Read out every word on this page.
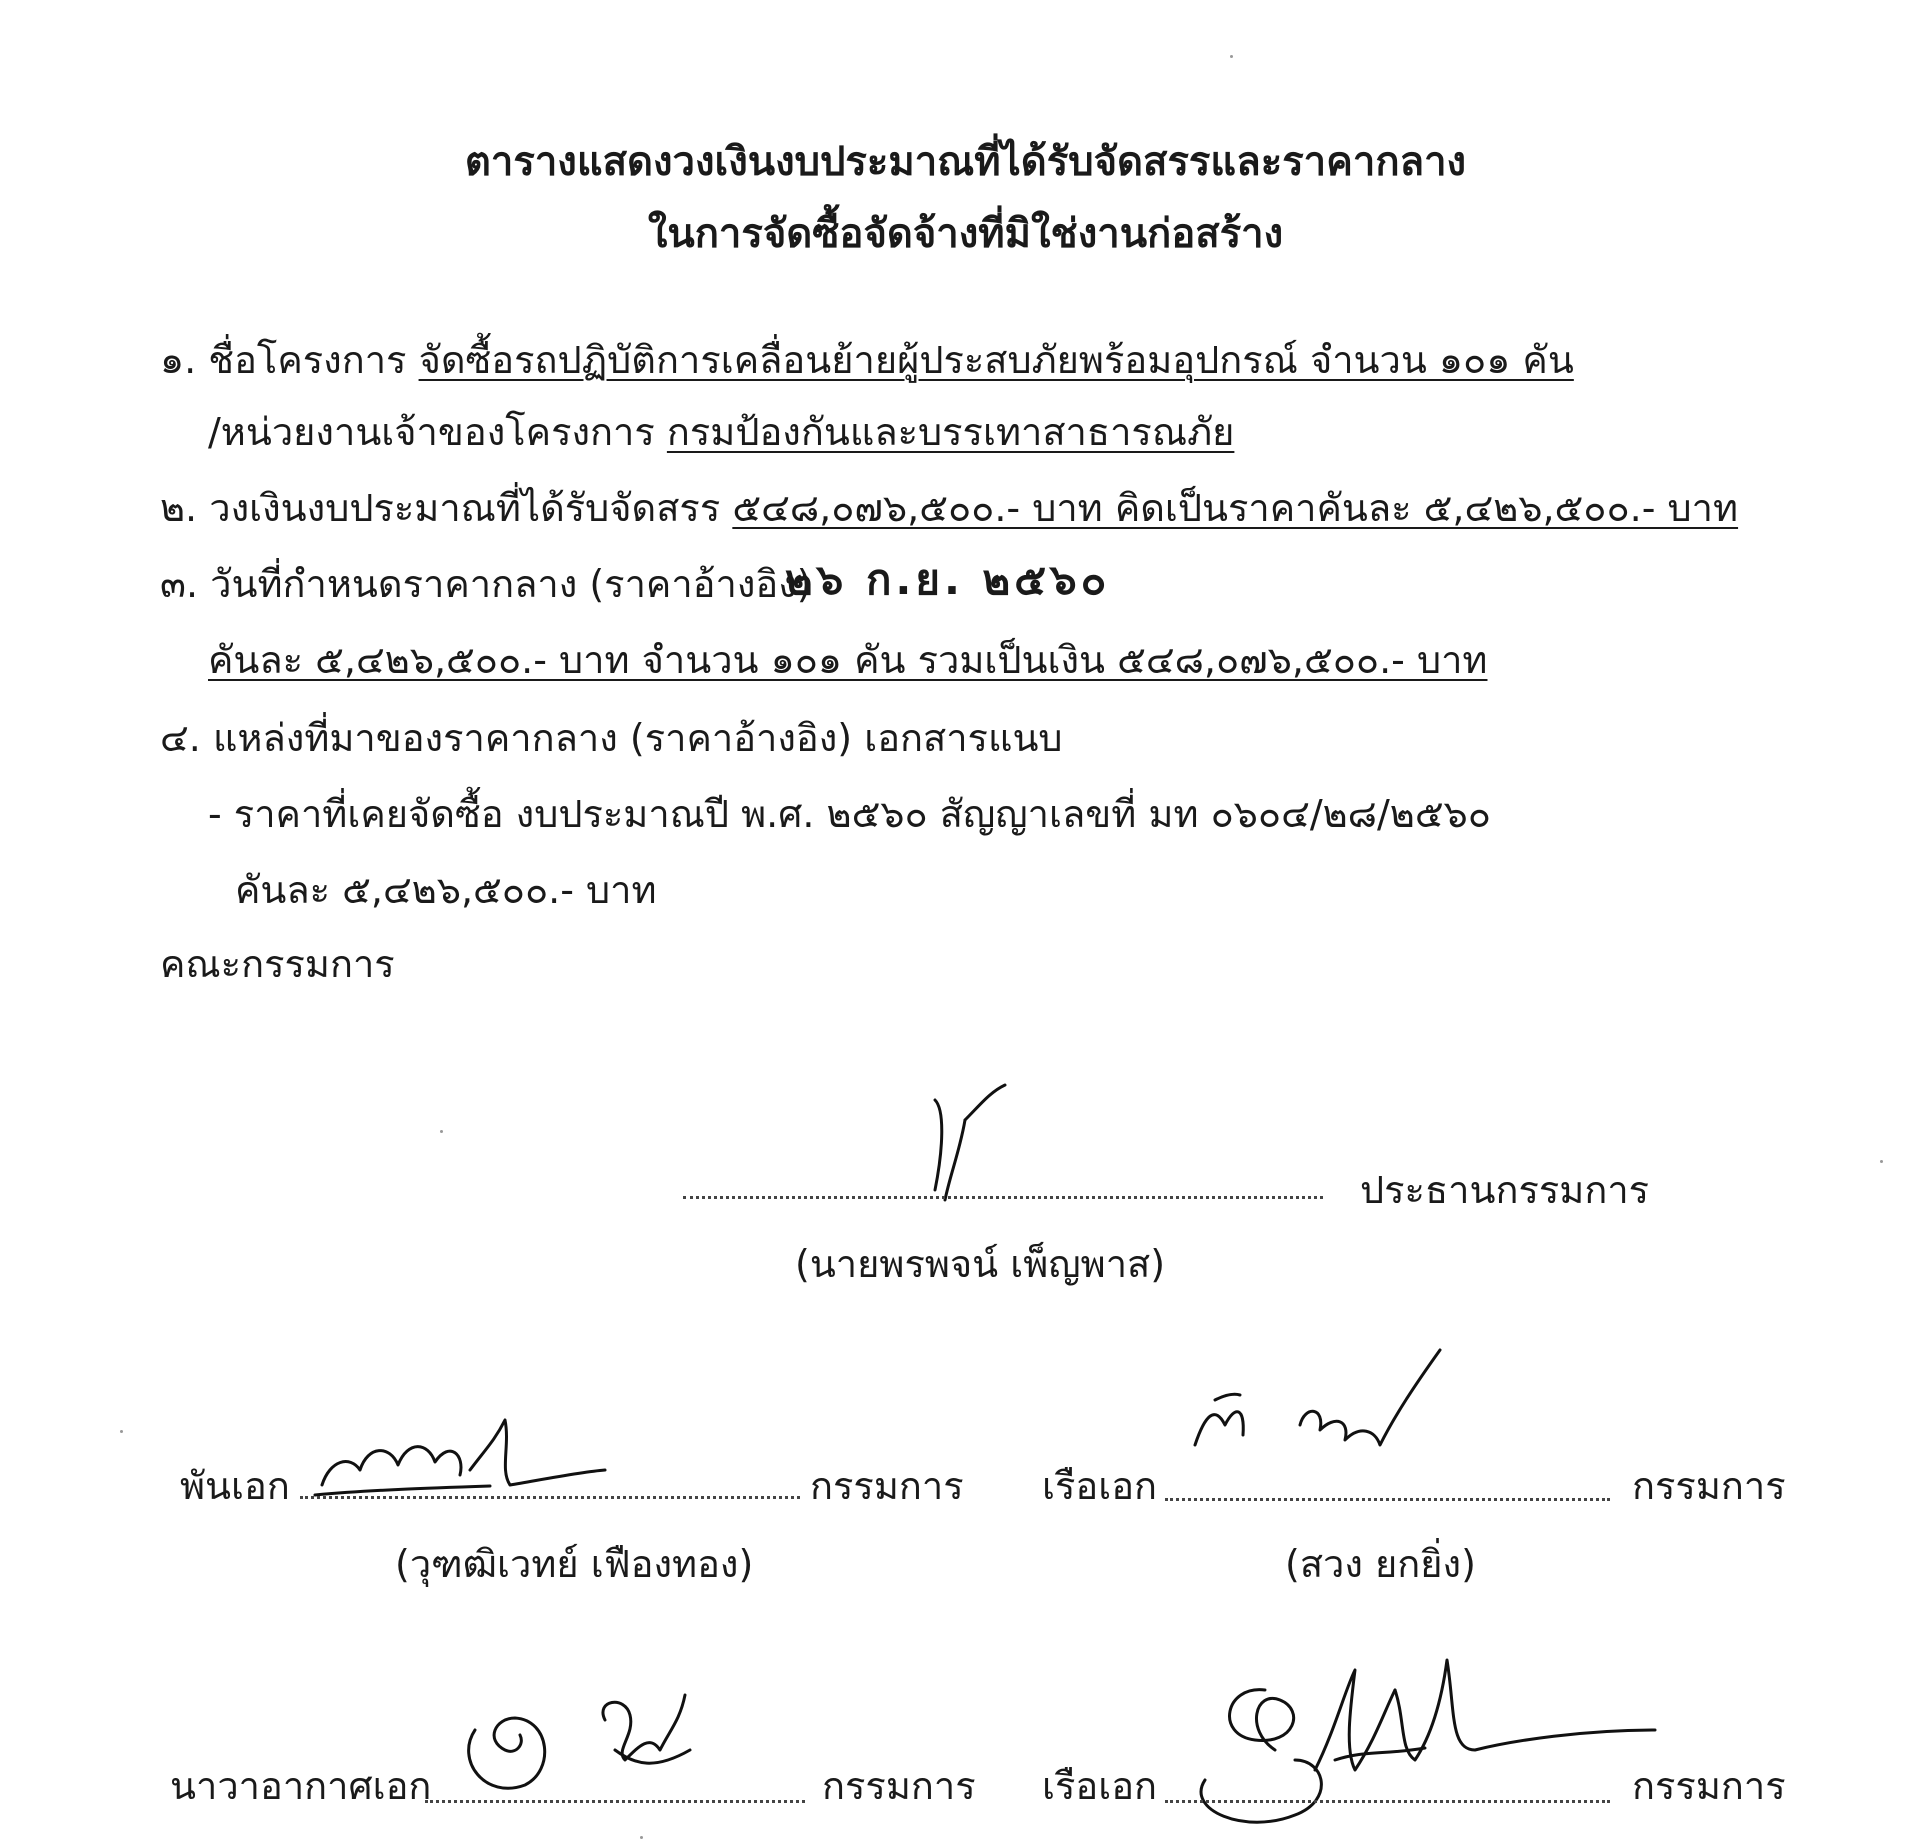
ตารางแสดงวงเงินงบประมาณที่ได้รับจัดสรรและราคากลาง
ในการจัดซื้อจัดจ้างที่มิใช่งานก่อสร้าง
๑. ชื่อโครงการ จัดซื้อรถปฏิบัติการเคลื่อนย้ายผู้ประสบภัยพร้อมอุปกรณ์ จำนวน ๑๐๑ คัน
/หน่วยงานเจ้าของโครงการ กรมป้องกันและบรรเทาสาธารณภัย
๒. วงเงินงบประมาณที่ได้รับจัดสรร ๕๔๘,๐๗๖,๕๐๐.- บาท คิดเป็นราคาคันละ ๕,๔๒๖,๕๐๐.- บาท
๓. วันที่กำหนดราคากลาง (ราคาอ้างอิง)
๒๖ ก.ย. ๒๕๖๐
คันละ ๕,๔๒๖,๕๐๐.- บาท จำนวน ๑๐๑ คัน รวมเป็นเงิน ๕๔๘,๐๗๖,๕๐๐.- บาท
๔. แหล่งที่มาของราคากลาง (ราคาอ้างอิง) เอกสารแนบ
- ราคาที่เคยจัดซื้อ งบประมาณปี พ.ศ. ๒๕๖๐ สัญญาเลขที่ มท ๐๖๐๔/๒๘/๒๕๖๐
คันละ ๕,๔๒๖,๕๐๐.- บาท
คณะกรรมการ
ประธานกรรมการ
(นายพรพจน์ เพ็ญพาส)
พันเอก	กรรมการ
(วุฑฒิเวทย์ เฟืองทอง)
เรือเอก	กรรมการ
(สวง ยกยิ่ง)
นาวาอากาศเอก	กรรมการ เรือเอก	กรรมการ
